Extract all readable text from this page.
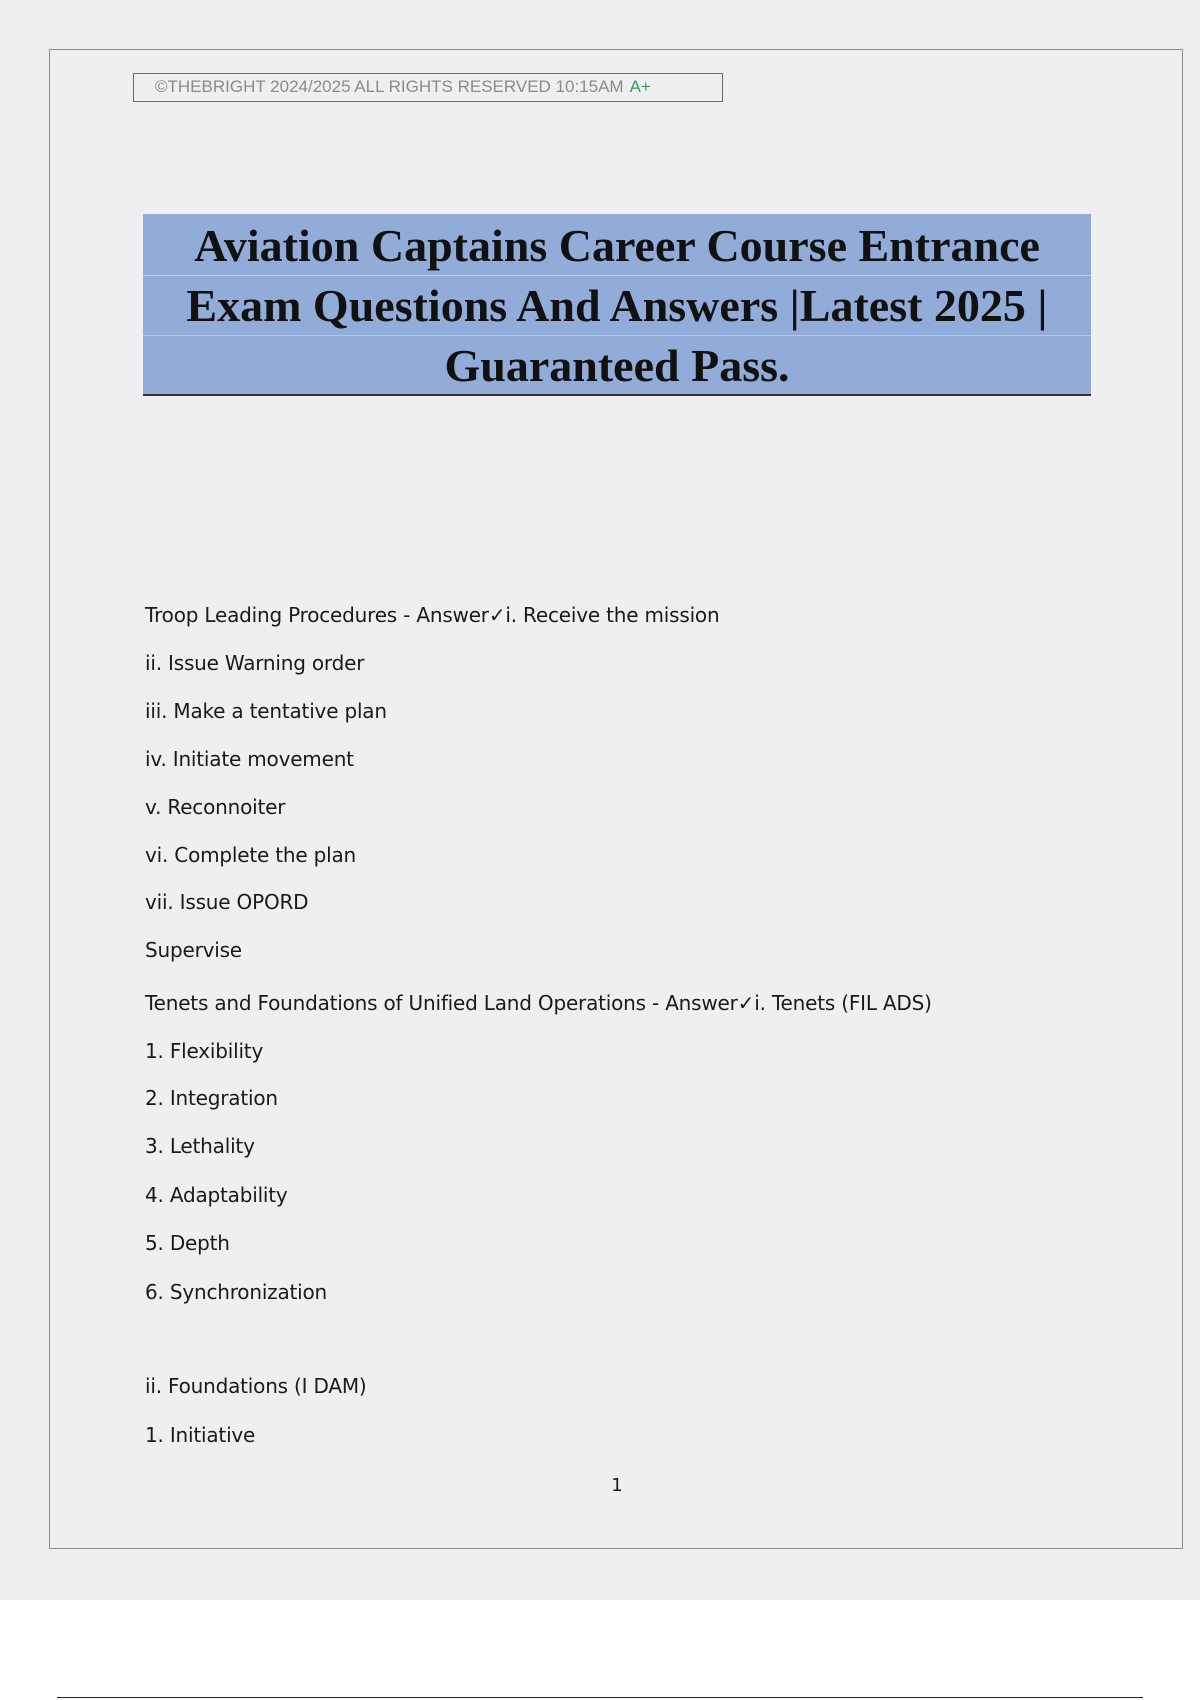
©THEBRIGHT 2024/2025 ALL RIGHTS RESERVED 10:15AM A+
Aviation Captains Career Course Entrance
Exam Questions And Answers |Latest 2025 |
Guaranteed Pass.
Troop Leading Procedures - Answer✓i. Receive the mission
ii. Issue Warning order
iii. Make a tentative plan
iv. Initiate movement
v. Reconnoiter
vi. Complete the plan
vii. Issue OPORD
Supervise
Tenets and Foundations of Unified Land Operations - Answer✓i. Tenets (FIL ADS)
1. Flexibility
2. Integration
3. Lethality
4. Adaptability
5. Depth
6. Synchronization
ii. Foundations (I DAM)
1. Initiative
1
